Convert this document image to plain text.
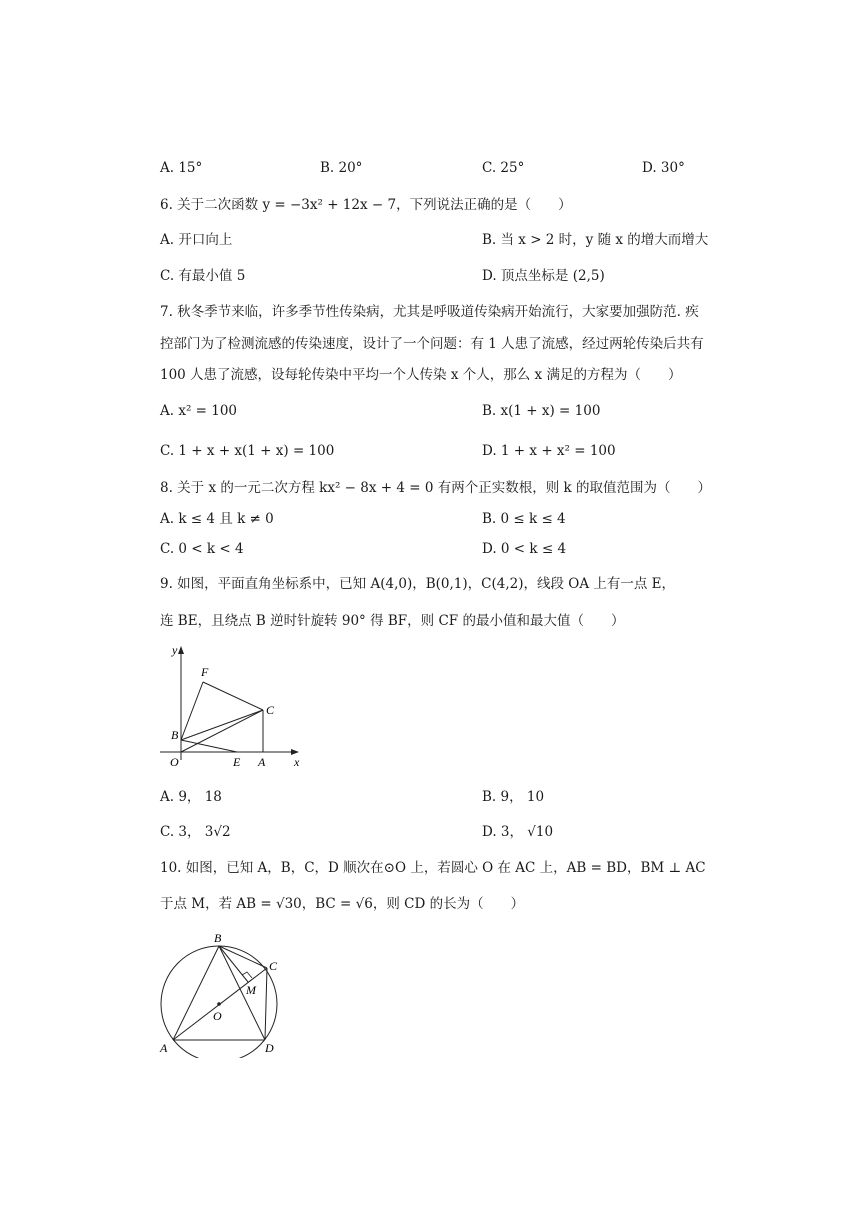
A. 15°	B. 20°	C. 25°	D. 30°
6. 关于二次函数 y = −3x² + 12x − 7，下列说法正确的是（　　）
A. 开口向上	B. 当 x > 2 时，y 随 x 的增大而增大
C. 有最小值 5	D. 顶点坐标是 (2,5)
7. 秋冬季节来临，许多季节性传染病，尤其是呼吸道传染病开始流行，大家要加强防范. 疾
控部门为了检测流感的传染速度，设计了一个问题：有 1 人患了流感，经过两轮传染后共有
100 人患了流感，设每轮传染中平均一个人传染 x 个人，那么 x 满足的方程为（　　）
A. x² = 100	B. x(1 + x) = 100
C. 1 + x + x(1 + x) = 100	D. 1 + x + x² = 100
8. 关于 x 的一元二次方程 kx² − 8x + 4 = 0 有两个正实数根，则 k 的取值范围为（　　）
A. k ≤ 4 且 k ≠ 0	B. 0 ≤ k ≤ 4
C. 0 < k < 4	D. 0 < k ≤ 4
9. 如图，平面直角坐标系中，已知 A(4,0)，B(0,1)，C(4,2)，线段 OA 上有一点 E，
连 BE，且绕点 B 逆时针旋转 90° 得 BF，则 CF 的最小值和最大值（　　）
y
F
C
B
O	E A x
A. 9， 18	B. 9， 10
C. 3， 3√2	D. 3， √10
10. 如图，已知 A，B，C，D 顺次在⊙O 上，若圆心 O 在 AC 上，AB = BD，BM ⊥ AC
于点 M，若 AB = √30，BC = √6，则 CD 的长为（　　）
B
C
M
O
A	D
